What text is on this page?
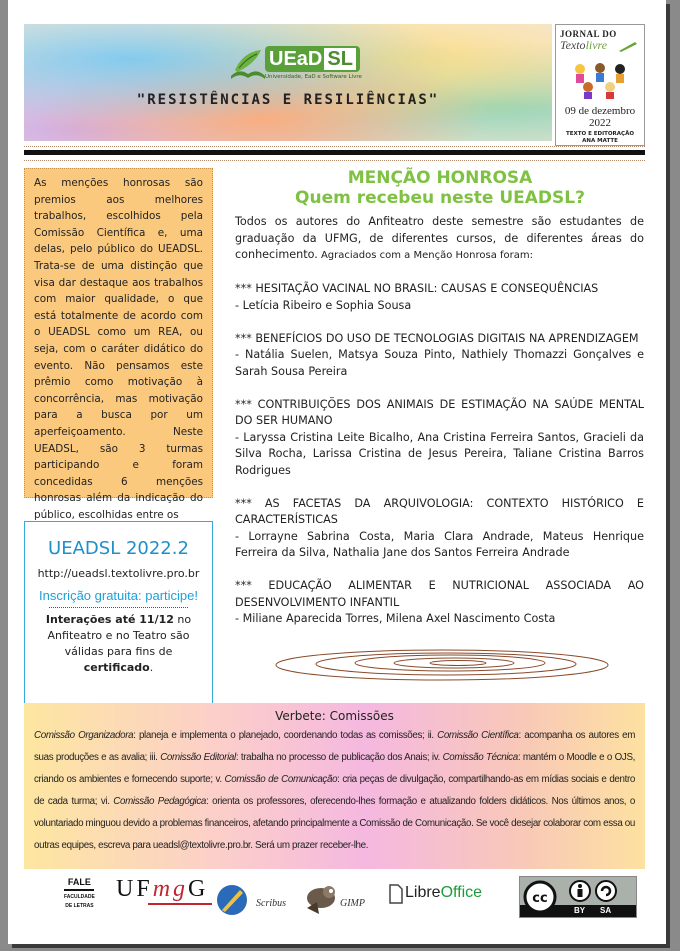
UEaD SL
Universidade, EaD e Software Livre
"RESISTÊNCIAS E RESILIÊNCIAS"
JORNAL DO
Textolivre
09 de dezembro
2022
TEXTO E EDITORAÇÃO
ANA MATTE

As menções honrosas são premios aos melhores trabalhos, escolhidos pela Comissão Científica e, uma delas, pelo público do UEADSL. Trata-se de uma distinção que visa dar destaque aos trabalhos com maior qualidade, o que está totalmente de acordo com o UEADSL como um REA, ou seja, com o caráter didático do evento. Não pensamos este prêmio como motivação à concorrência, mas motivação para a busca por um aperfeiçoamento. Neste UEADSL, são 3 turmas participando e foram concedidas 6 menções honrosas além da indicação do público, escolhidas entre os

UEADSL 2022.2
http://ueadsl.textolivre.pro.br
Inscrição gratuita: participe!
Interações até 11/12 no Anfiteatro e no Teatro são válidas para fins de certificado.
MENÇÃO HONROSA
Quem recebeu neste UEADSL?

Todos os autores do Anfiteatro deste semestre são estudantes de graduação da UFMG, de diferentes cursos, de diferentes áreas do conhecimento. Agraciados com a Menção Honrosa foram:

*** HESITAÇÃO VACINAL NO BRASIL: CAUSAS E CONSEQUÊNCIAS
- Letícia Ribeiro e Sophia Sousa

*** BENEFÍCIOS DO USO DE TECNOLOGIAS DIGITAIS NA APRENDIZAGEM
- Natália Suelen, Matsya Souza Pinto, Nathiely Thomazzi Gonçalves e Sarah Sousa Pereira

*** CONTRIBUIÇÕES DOS ANIMAIS DE ESTIMAÇÃO NA SAÚDE MENTAL DO SER HUMANO
- Laryssa Cristina Leite Bicalho, Ana Cristina Ferreira Santos, Gracieli da Silva Rocha, Larissa Cristina de Jesus Pereira, Taliane Cristina Barros Rodrigues

*** AS FACETAS DA ARQUIVOLOGIA: CONTEXTO HISTÓRICO E CARACTERÍSTICAS
- Lorrayne Sabrina Costa, Maria Clara Andrade, Mateus Henrique Ferreira da Silva, Nathalia Jane dos Santos Ferreira Andrade

*** EDUCAÇÃO ALIMENTAR E NUTRICIONAL ASSOCIADA AO DESENVOLVIMENTO INFANTIL
- Miliane Aparecida Torres, Milena Axel Nascimento Costa

Verbete: Comissões
Comissão Organizadora: planeja e implementa o planejado, coordenando todas as comissões; ii. Comissão Científica: acompanha os autores em suas produções e as avalia; iii. Comissão Editorial: trabalha no processo de publicação dos Anais; iv. Comissão Técnica: mantém o Moodle e o OJS, criando os ambientes e fornecendo suporte; v. Comissão de Comunicação: cria peças de divulgação, compartilhando-as em mídias sociais e dentro de cada turma; vi. Comissão Pedagógica: orienta os professores, oferecendo-lhes formação e atualizando folders didáticos. Nos últimos anos, o voluntariado minguou devido a problemas financeiros, afetando principalmente a Comissão de Comunicação. Se você desejar colaborar com essa ou outras equipes, escreva para ueadsl@textolivre.pro.br. Será um prazer receber-lhe.
FALE
FACULDADE
DE LETRAS
UFmgG
Scribus	GIMP
LibreOffice	cc
BY SA
